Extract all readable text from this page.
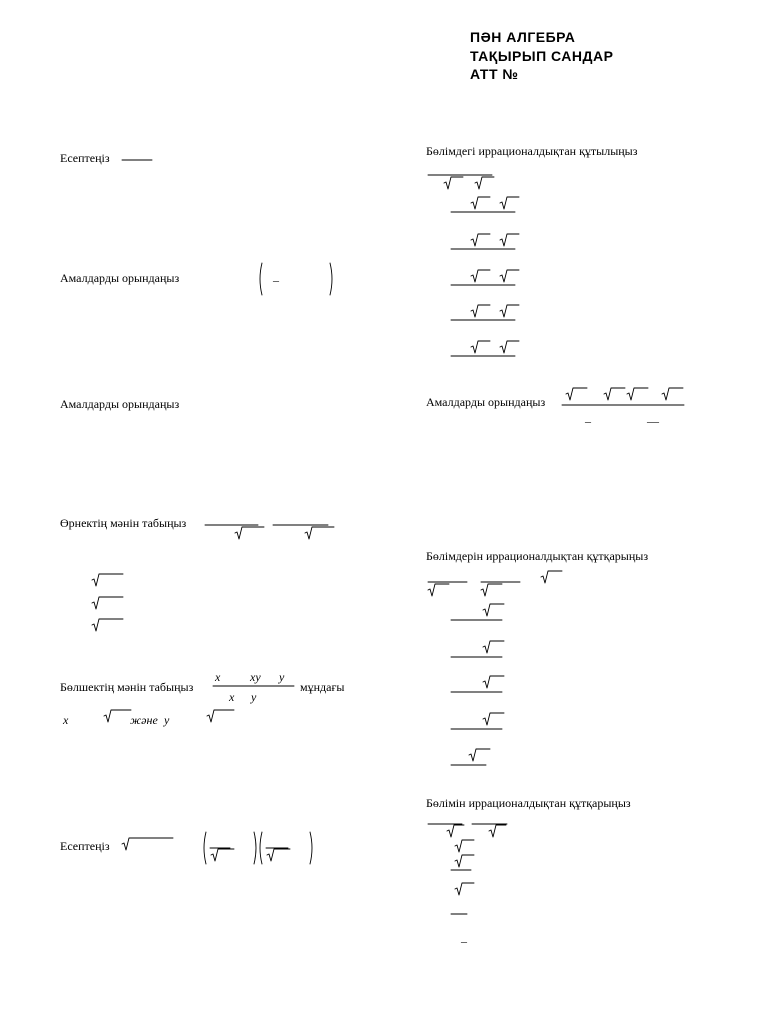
ПӘН АЛГЕБРА
ТАҚЫРЫП САНДАР
АТТ №
Есептеңіз
Амалдарды орындаңыз	–
Амалдарды орындаңыз
Өрнектің мәнін табыңыз
Бөлшектің мәнін табыңыз
x xy y
x y
мұндағы
x	және y
Есептеңіз
Бөлімдегі иррационалдықтан құтылыңыз
Амалдарды орындаңыз
–	—
Бөлімдерін иррационалдықтан құтқарыңыз
Бөлімін иррационалдықтан құтқарыңыз
–
